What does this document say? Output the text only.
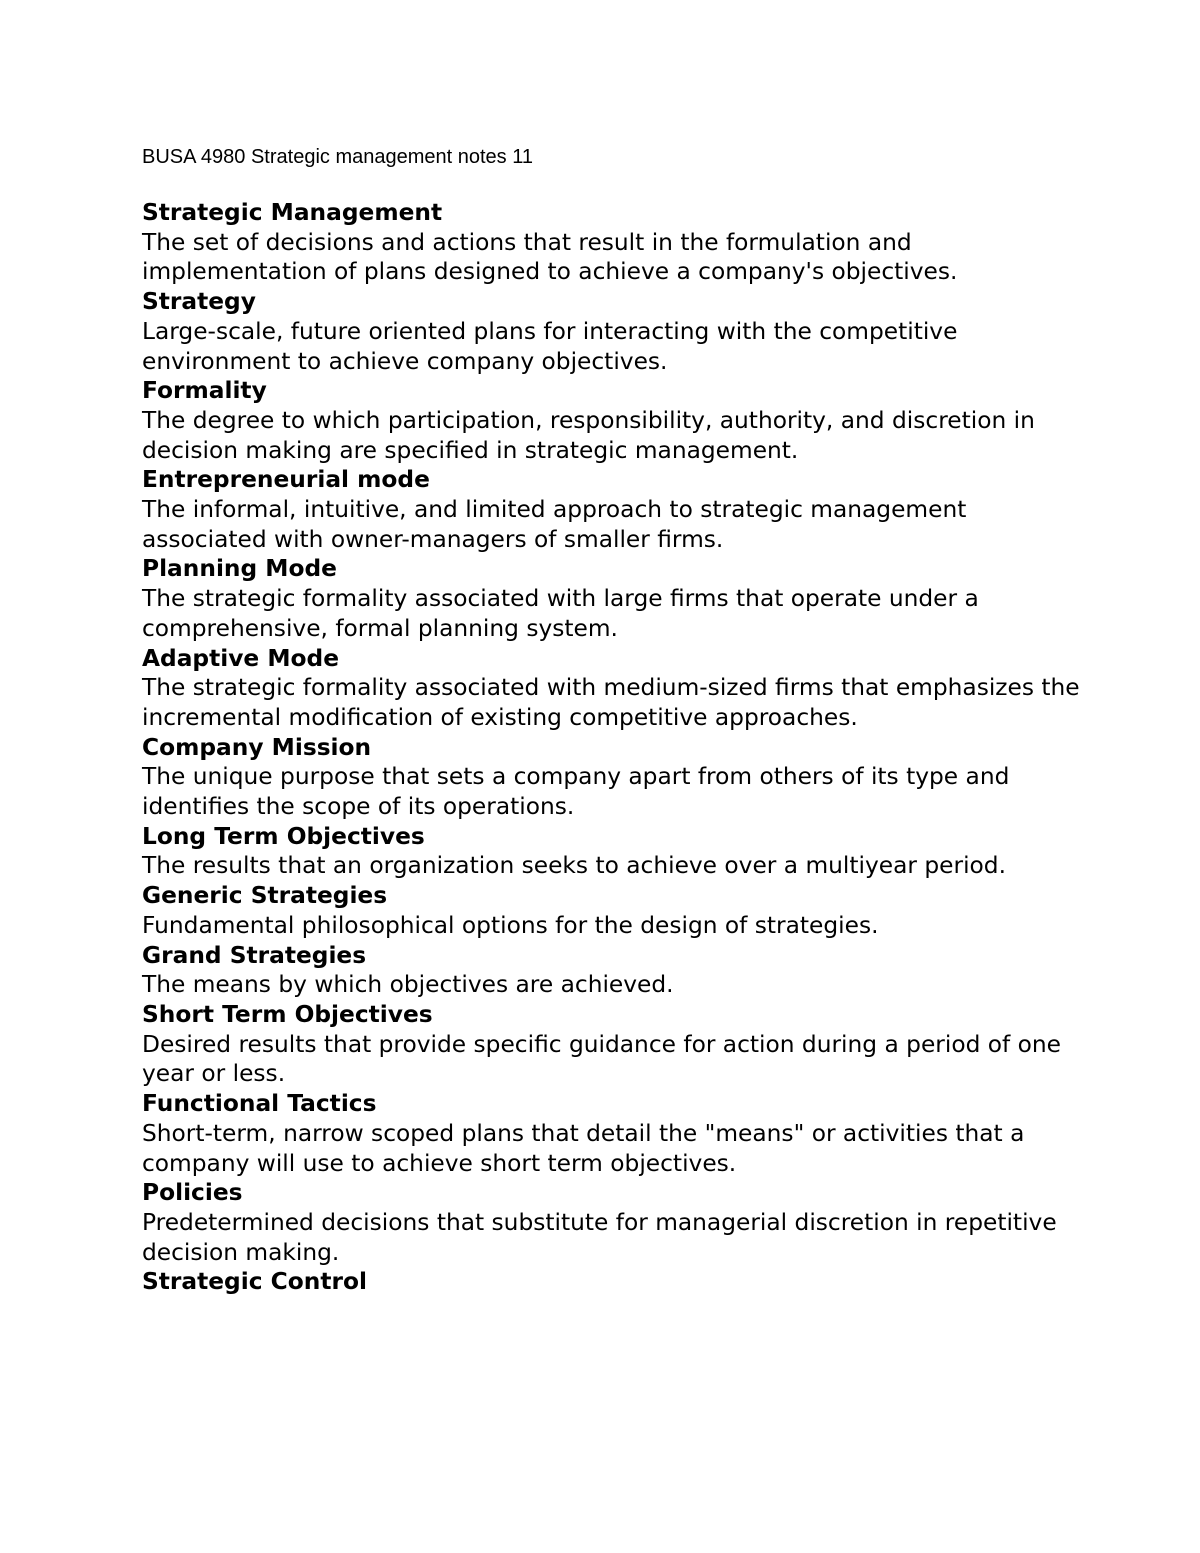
BUSA 4980 Strategic management notes 11

Strategic Management

The set of decisions and actions that result in the formulation and implementation of plans designed to achieve a company's objectives.

Strategy

Large-scale, future oriented plans for interacting with the competitive environment to achieve company objectives.

Formality

The degree to which participation, responsibility, authority, and discretion in decision making are specified in strategic management.

Entrepreneurial mode

The informal, intuitive, and limited approach to strategic management associated with owner-managers of smaller firms.

Planning Mode

The strategic formality associated with large firms that operate under a comprehensive, formal planning system.

Adaptive Mode

The strategic formality associated with medium-sized firms that emphasizes the incremental modification of existing competitive approaches.

Company Mission

The unique purpose that sets a company apart from others of its type and identifies the scope of its operations.

Long Term Objectives

The results that an organization seeks to achieve over a multiyear period.

Generic Strategies

Fundamental philosophical options for the design of strategies.

Grand Strategies

The means by which objectives are achieved.

Short Term Objectives

Desired results that provide specific guidance for action during a period of one year or less.

Functional Tactics

Short-term, narrow scoped plans that detail the "means" or activities that a company will use to achieve short term objectives.

Policies

Predetermined decisions that substitute for managerial discretion in repetitive decision making.

Strategic Control
